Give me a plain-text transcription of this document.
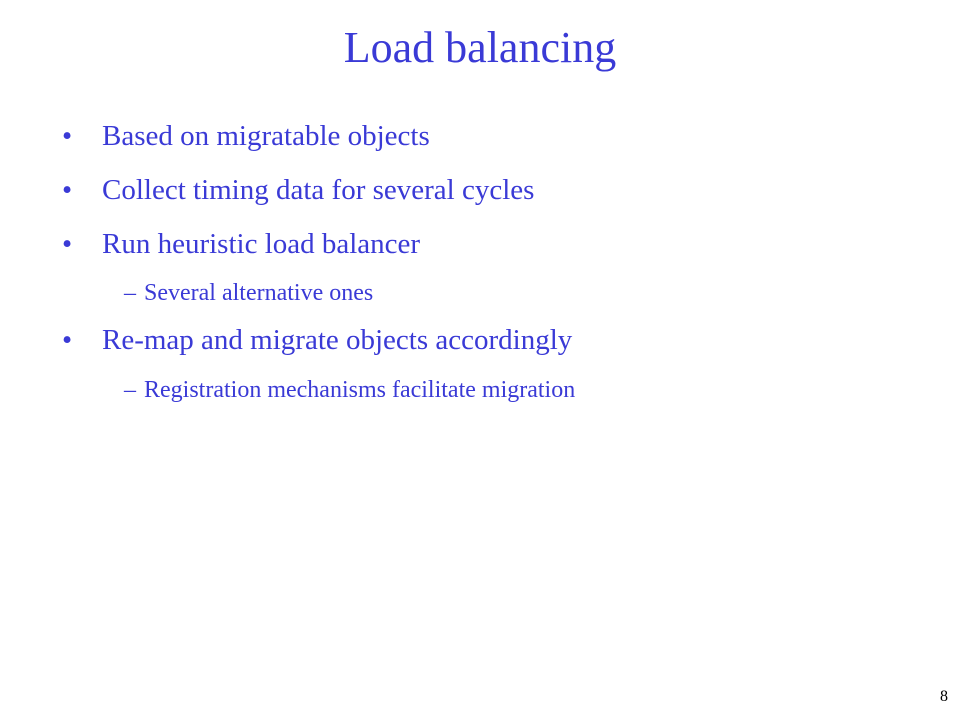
Load balancing
• Based on migratable objects
• Collect timing data for several cycles
• Run heuristic load balancer
– Several alternative ones
• Re-map and migrate objects accordingly
– Registration mechanisms facilitate migration
8
